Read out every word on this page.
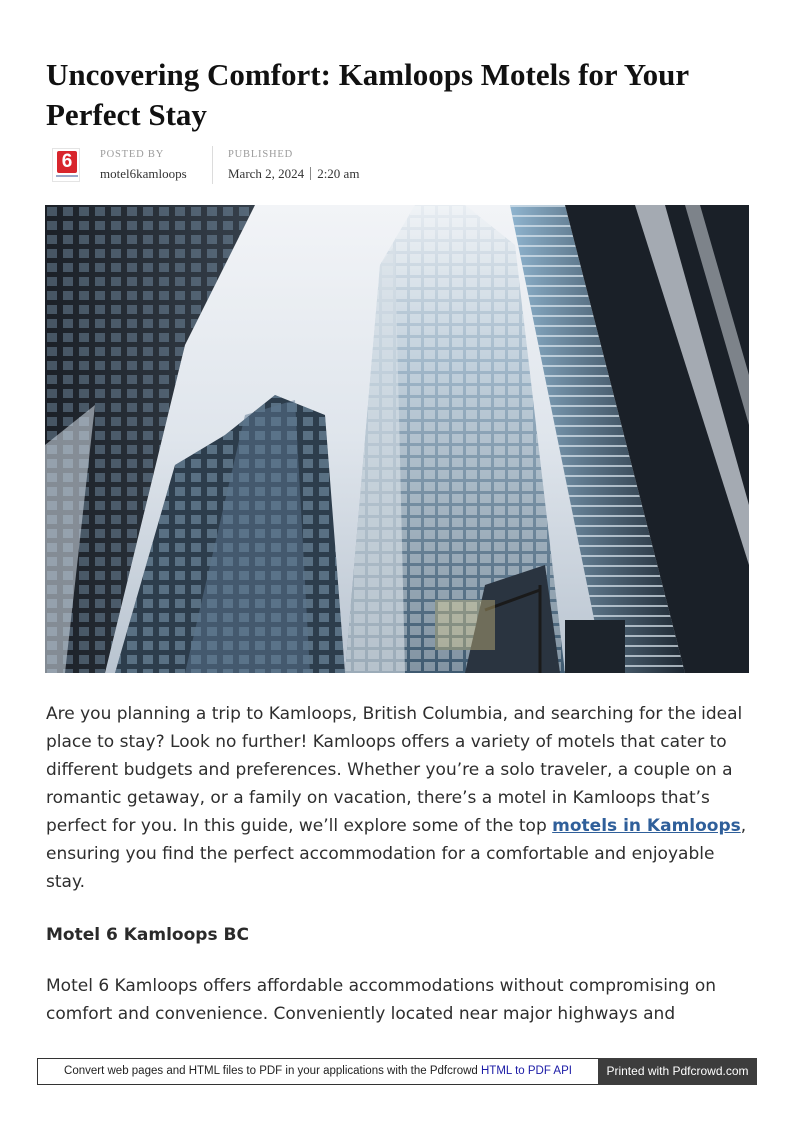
Uncovering Comfort: Kamloops Motels for Your Perfect Stay
6	POSTED BY
motel6kamloops
PUBLISHED
March 2, 2024 2:20 am

Are you planning a trip to Kamloops, British Columbia, and searching for the ideal place to stay? Look no further! Kamloops offers a variety of motels that cater to different budgets and preferences. Whether you’re a solo traveler, a couple on a romantic getaway, or a family on vacation, there’s a motel in Kamloops that’s perfect for you. In this guide, we’ll explore some of the top motels in Kamloops, ensuring you find the perfect accommodation for a comfortable and enjoyable stay.

Motel 6 Kamloops BC

Motel 6 Kamloops offers affordable accommodations without compromising on comfort and convenience. Conveniently located near major highways and

Convert web pages and HTML files to PDF in your applications with the Pdfcrowd HTML to PDF API	Printed with Pdfcrowd.com
